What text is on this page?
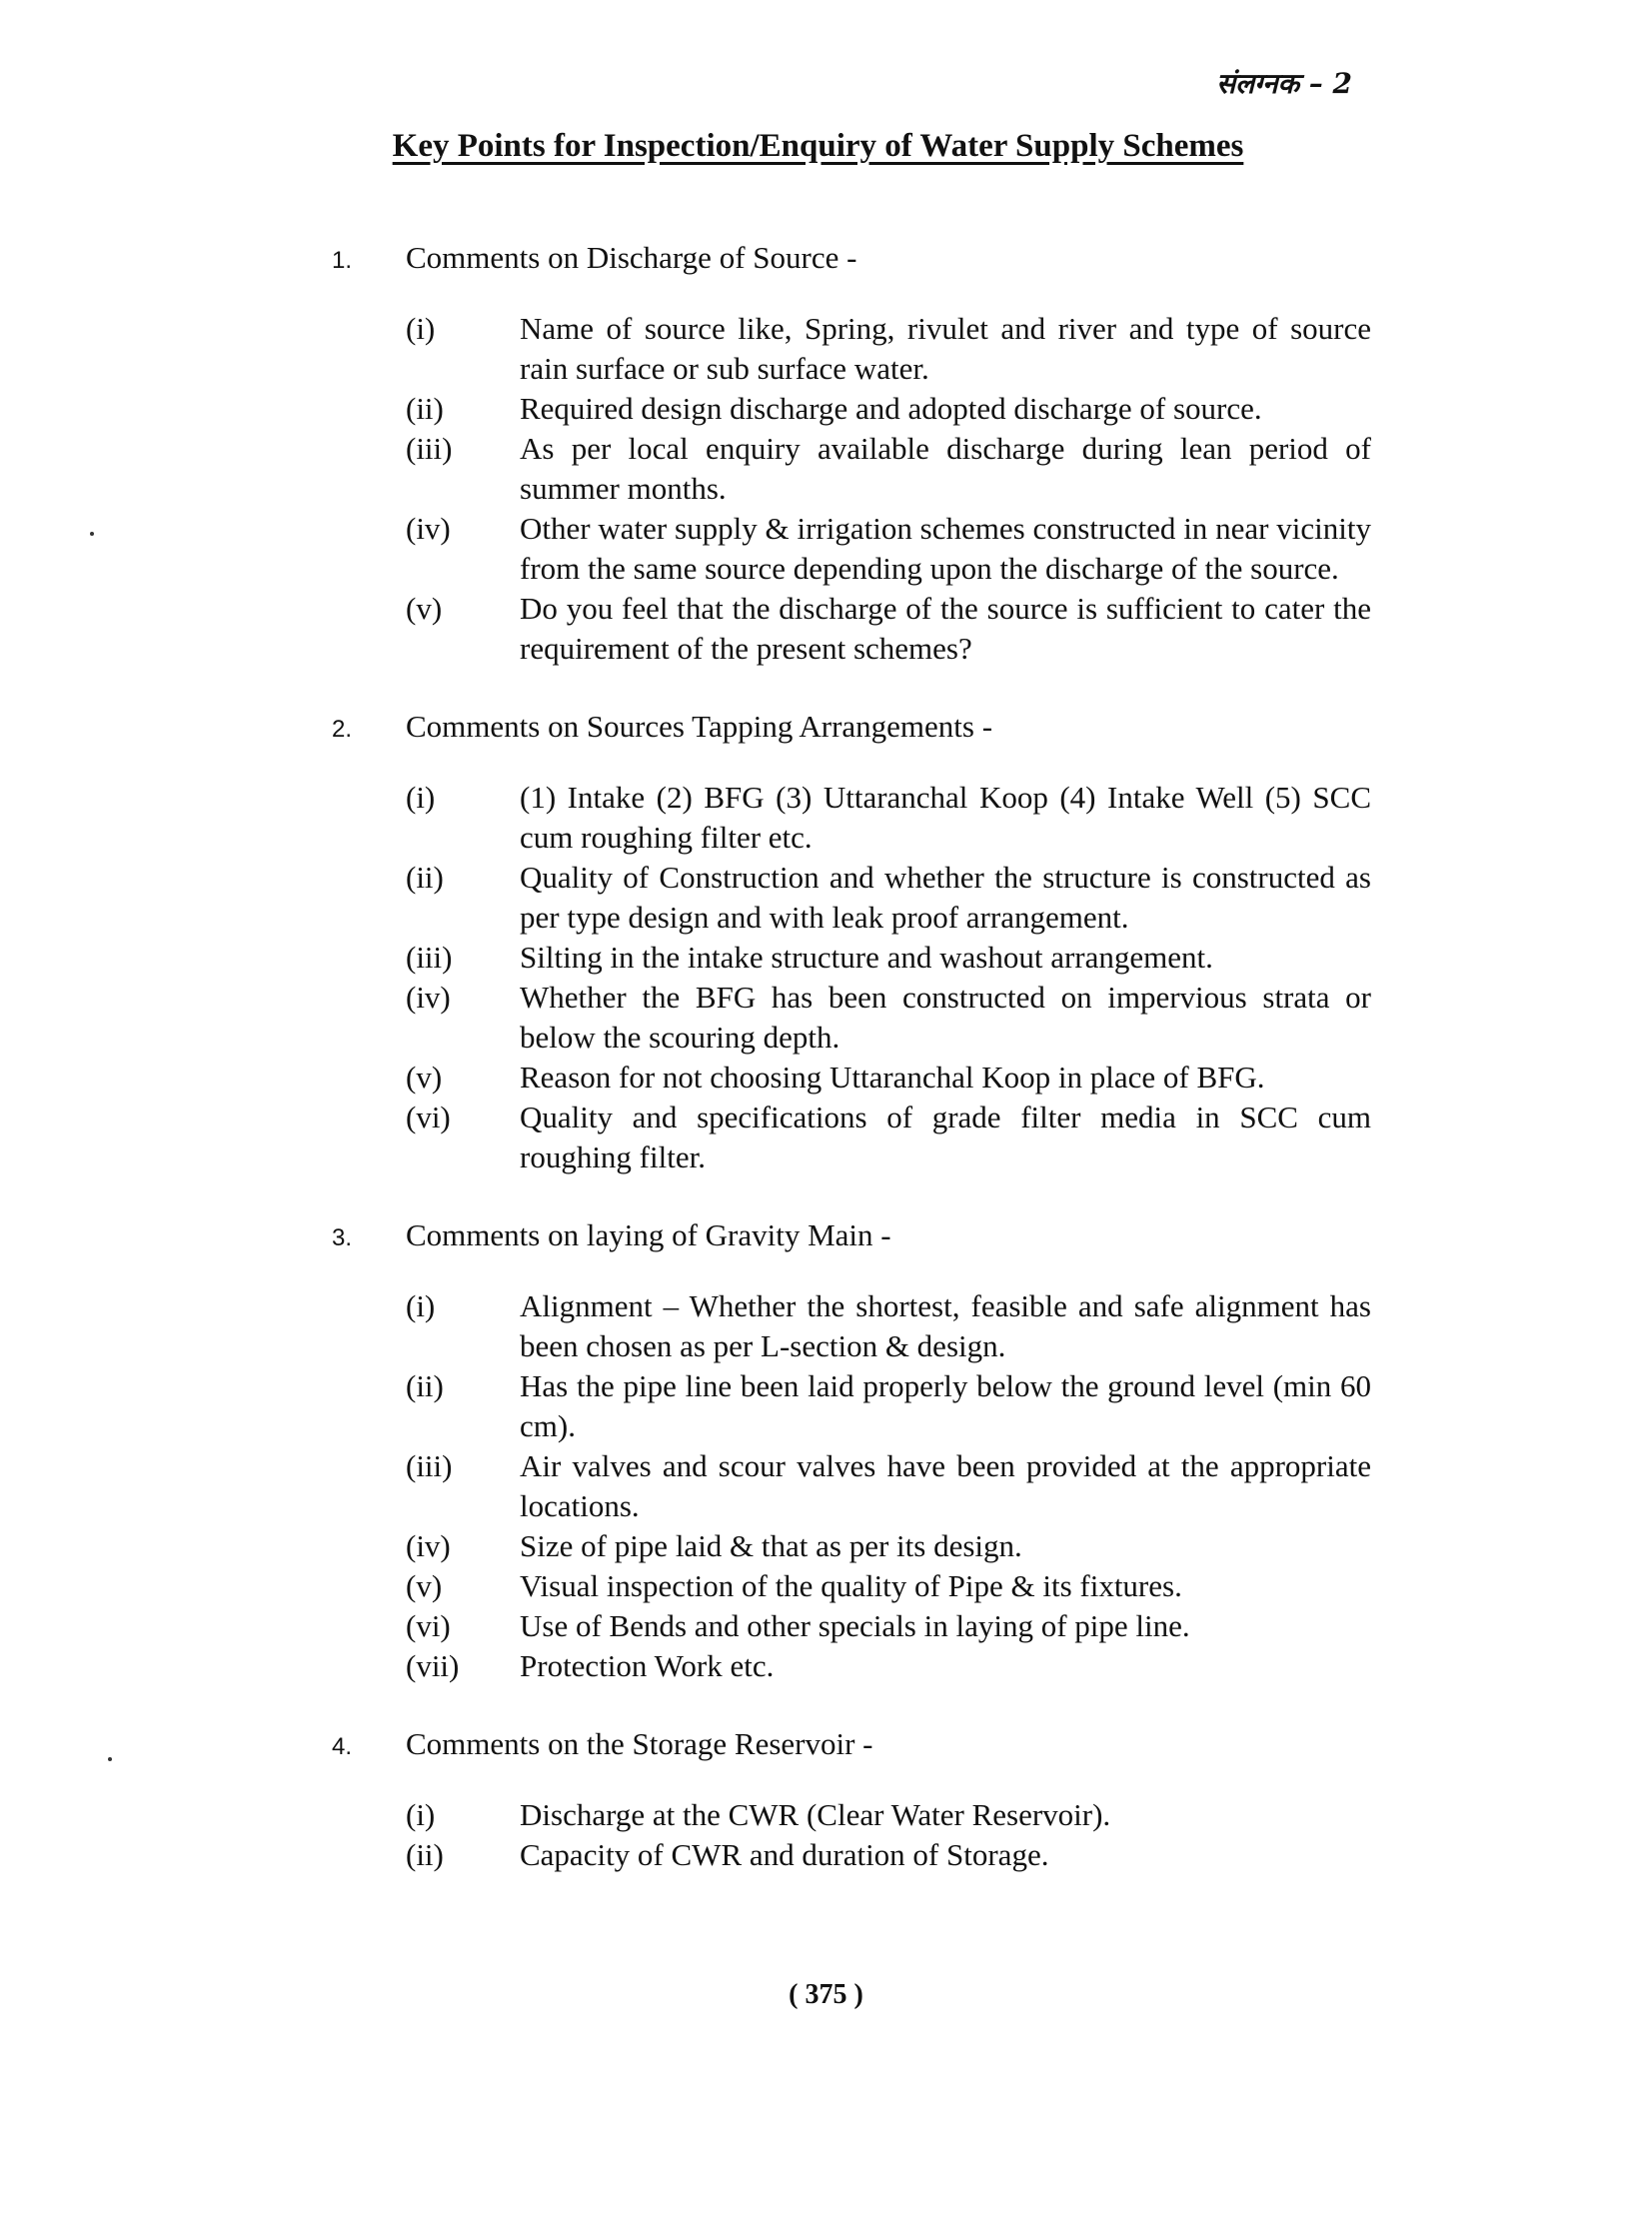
संलग्नक – 2
Key Points for Inspection/Enquiry of Water Supply Schemes
1.	Comments on Discharge of Source -
(i)	Name of source like, Spring, rivulet and river and type of source rain surface or sub surface water.
(ii)	Required design discharge and adopted discharge of source.
(iii)	As per local enquiry available discharge during lean period of summer months.
(iv)	Other water supply & irrigation schemes constructed in near vicinity from the same source depending upon the discharge of the source.
(v)	Do you feel that the discharge of the source is sufficient to cater the requirement of the present schemes?
2.	Comments on Sources Tapping Arrangements -
(i)	(1) Intake (2) BFG (3) Uttaranchal Koop (4) Intake Well (5) SCC cum roughing filter etc.
(ii)	Quality of Construction and whether the structure is constructed as per type design and with leak proof arrangement.
(iii)	Silting in the intake structure and washout arrangement.
(iv)	Whether the BFG has been constructed on impervious strata or below the scouring depth.
(v)	Reason for not choosing Uttaranchal Koop in place of BFG.
(vi)	Quality and specifications of grade filter media in SCC cum roughing filter.
3.	Comments on laying of Gravity Main -
(i)	Alignment – Whether the shortest, feasible and safe alignment has been chosen as per L-section & design.
(ii)	Has the pipe line been laid properly below the ground level (min 60 cm).
(iii)	Air valves and scour valves have been provided at the appropriate locations.
(iv)	Size of pipe laid & that as per its design.
(v)	Visual inspection of the quality of Pipe & its fixtures.
(vi)	Use of Bends and other specials in laying of pipe line.
(vii)	Protection Work etc.
4.	Comments on the Storage Reservoir -
(i)	Discharge at the CWR (Clear Water Reservoir).
(ii)	Capacity of CWR and duration of Storage.
( 375 )
